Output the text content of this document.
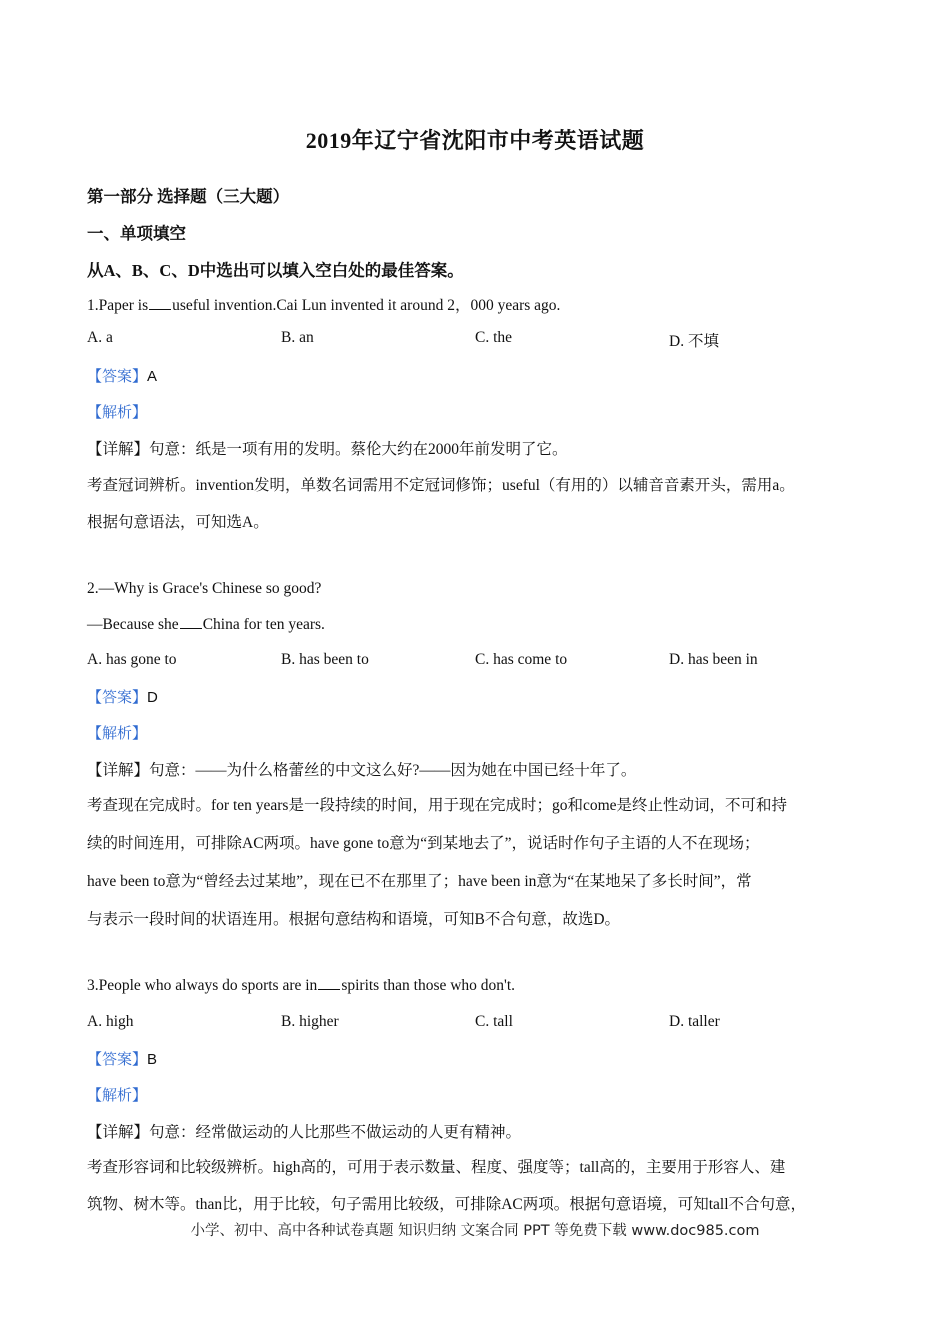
2019年辽宁省沈阳市中考英语试题
第一部分 选择题（三大题）
一、单项填空
从A、B、C、D中选出可以填入空白处的最佳答案。
1.Paper is useful invention.Cai Lun invented it around 2，000 years ago.
A. a	B. an	C. the	D. 不填
【答案】A
【解析】
【详解】句意：纸是一项有用的发明。蔡伦大约在2000年前发明了它。
考查冠词辨析。invention发明，单数名词需用不定冠词修饰；useful（有用的）以辅音音素开头，需用a。
根据句意语法，可知选A。
2.—Why is Grace's Chinese so good?
—Because she China for ten years.
A. has gone to	B. has been to	C. has come to	D. has been in
【答案】D
【解析】
【详解】句意：——为什么格蕾丝的中文这么好?——因为她在中国已经十年了。
考查现在完成时。for ten years是一段持续的时间，用于现在完成时；go和come是终止性动词，不可和持
续的时间连用，可排除AC两项。have gone to意为“到某地去了”，说话时作句子主语的人不在现场；
have been to意为“曾经去过某地”，现在已不在那里了；have been in意为“在某地呆了多长时间”，常
与表示一段时间的状语连用。根据句意结构和语境，可知B不合句意，故选D。
3.People who always do sports are in spirits than those who don't.
A. high	B. higher	C. tall	D. taller
【答案】B
【解析】
【详解】句意：经常做运动的人比那些不做运动的人更有精神。
考查形容词和比较级辨析。high高的，可用于表示数量、程度、强度等；tall高的，主要用于形容人、建
筑物、树木等。than比，用于比较，句子需用比较级，可排除AC两项。根据句意语境，可知tall不合句意，
小学、初中、高中各种试卷真题 知识归纳 文案合同 PPT 等免费下载 www.doc985.com
